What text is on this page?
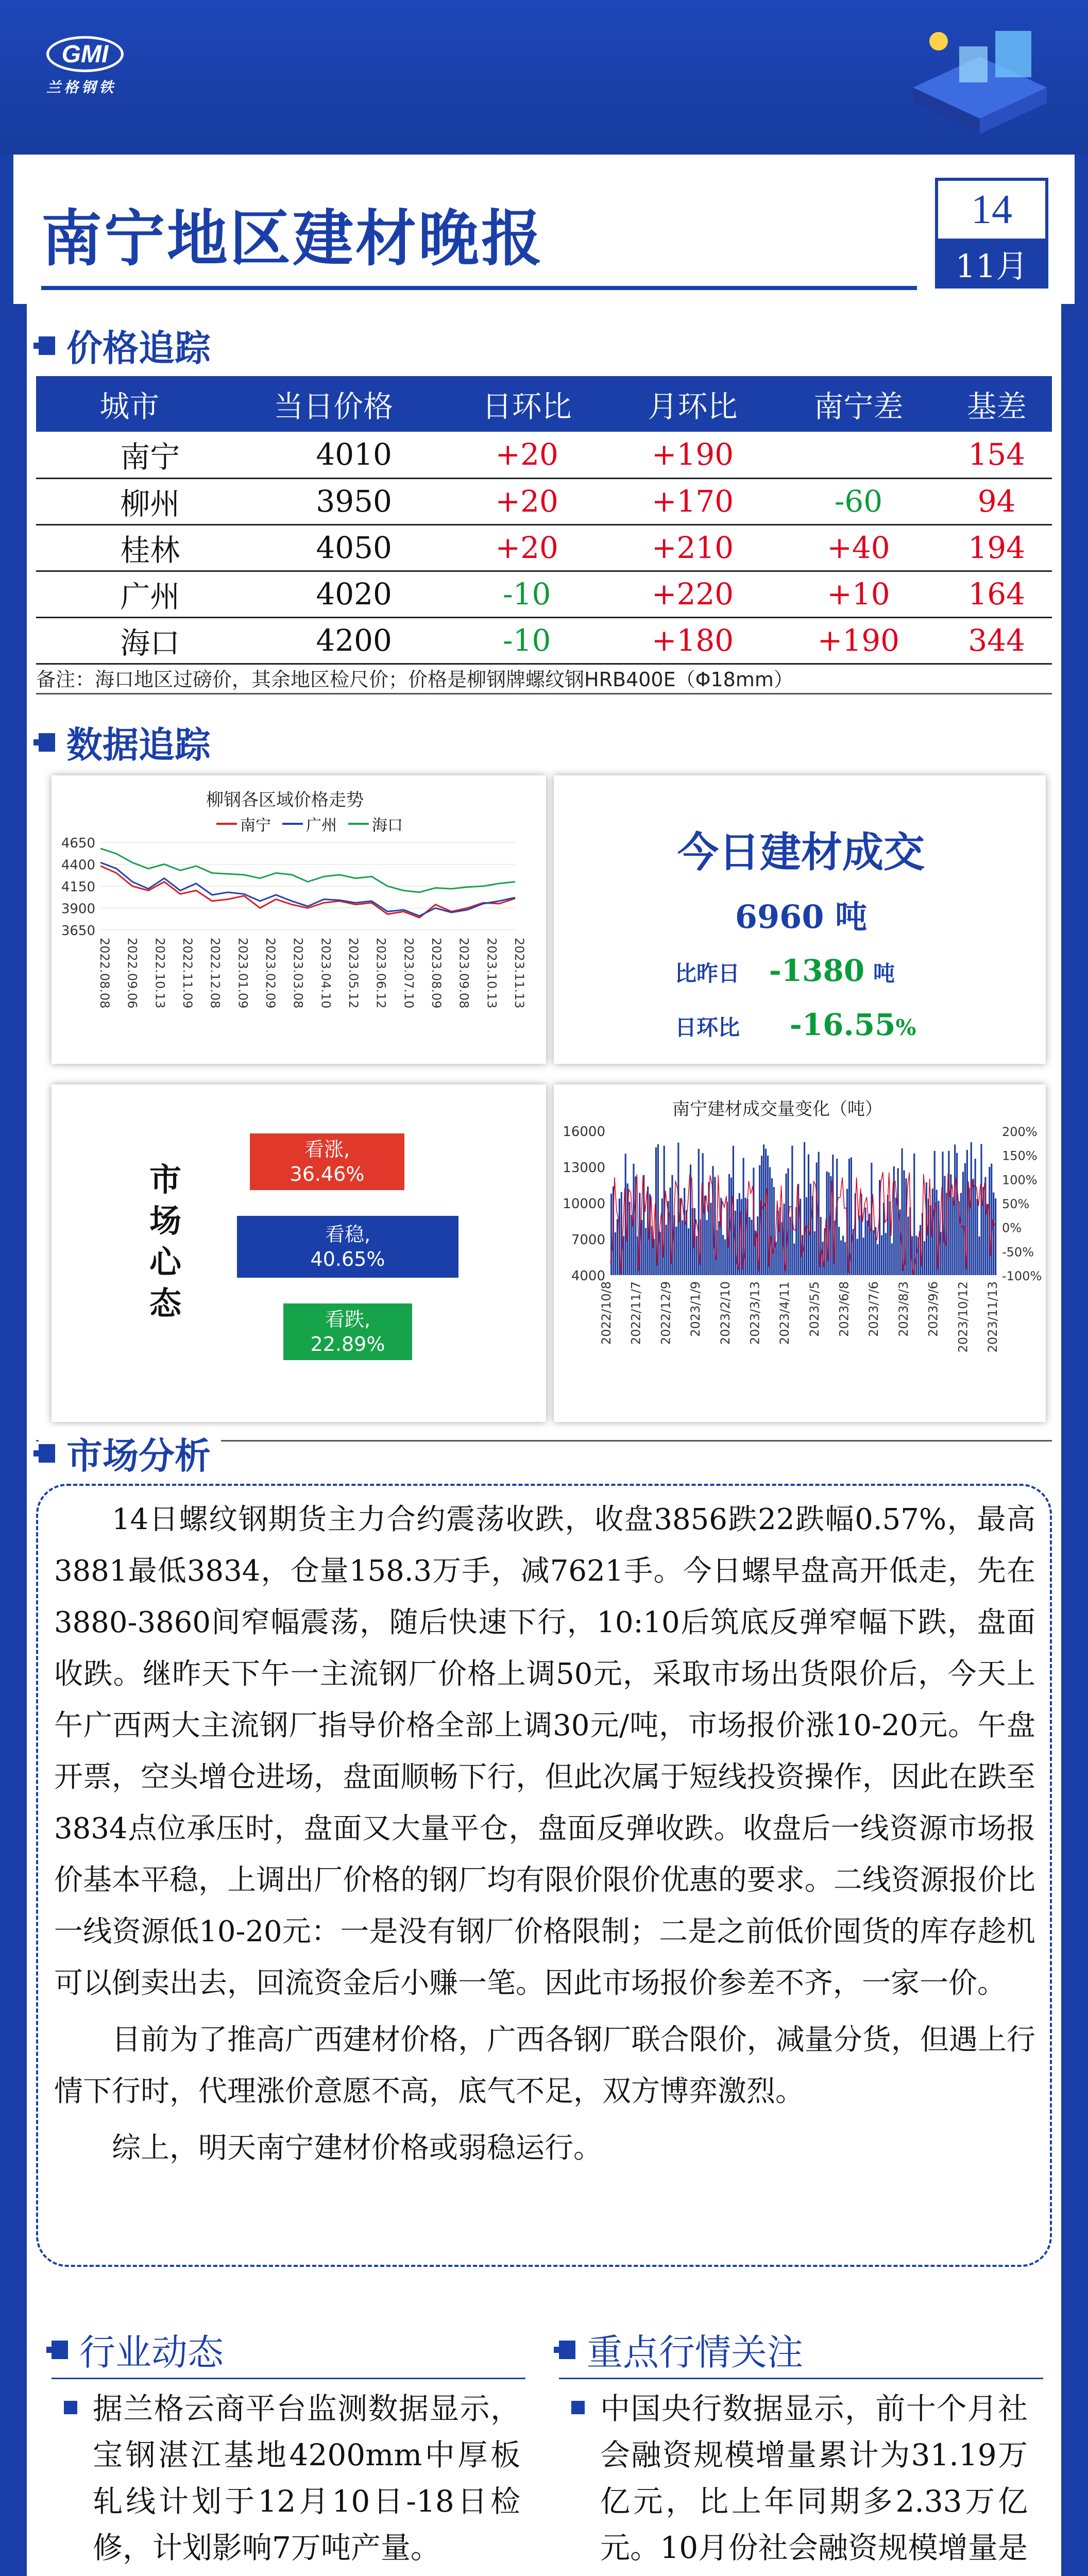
GMI
兰格钢铁
南宁地区建材晚报	14
11月
价格追踪
城市	当日价格	日环比	月环比	南宁差	基差
南宁	4010	+20	+190		154
柳州	3950	+20	+170	-60	94
桂林	4050	+20	+210	+40	194
广州	4020	-10	+220	+10	164
海口	4200	-10	+180	+190	344
备注：海口地区过磅价，其余地区检尺价；价格是柳钢牌螺纹钢HRB400E（Φ18mm）
数据追踪
柳钢各区域价格走势
南宁 广州 海口
4650
4400
4150
3900
3650
2022.08.08 2022.09.06 2022.10.13 2022.11.09 2022.12.08 2023.01.09 2023.02.09 2023.03.08 2023.04.10 2023.05.12 2023.06.12 2023.07.10 2023.08.09 2023.09.08 2023.10.13 2023.11.13
今日建材成交
6960 吨
比昨日 -1380 吨
日环比 -16.55%
市场心态
看涨,
36.46%
看稳,
40.65%
看跌,
22.89%
南宁建材成交量变化（吨）
16000
13000
10000
7000
4000
200%
150%
100%
50%
0%
-50%
-100%
2022/10/8 2022/11/7 2022/12/9 2023/1/9 2023/2/10 2023/3/13 2023/4/11 2023/5/5 2023/6/8 2023/7/6 2023/8/3 2023/9/6 2023/10/12 2023/11/13
市场分析

14日螺纹钢期货主力合约震荡收跌，收盘3856跌22跌幅0.57%，最高3881最低3834，仓量158.3万手，减7621手。今日螺早盘高开低走，先在3880-3860间窄幅震荡，随后快速下行，10:10后筑底反弹窄幅下跌，盘面收跌。继昨天下午一主流钢厂价格上调50元，采取市场出货限价后，今天上午广西两大主流钢厂指导价格全部上调30元/吨，市场报价涨10-20元。午盘开票，空头增仓进场，盘面顺畅下行，但此次属于短线投资操作，因此在跌至3834点位承压时，盘面又大量平仓，盘面反弹收跌。收盘后一线资源市场报价基本平稳，上调出厂价格的钢厂均有限价限价优惠的要求。二线资源报价比一线资源低10-20元：一是没有钢厂价格限制；二是之前低价囤货的库存趁机可以倒卖出去，回流资金后小赚一笔。因此市场报价参差不齐，一家一价。

目前为了推高广西建材价格，广西各钢厂联合限价，减量分货，但遇上行情下行时，代理涨价意愿不高，底气不足，双方博弈激烈。

综上，明天南宁建材价格或弱稳运行。

行业动态	重点行情关注
据兰格云商平台监测数据显示，宝钢湛江基地4200mm中厚板轧线计划于12月10日-18日检修，计划影响7万吨产量。
中国央行数据显示，前十个月社会融资规模增量累计为31.19万亿元，比上年同期多2.33万亿元。10月份社会融资规模增量是
